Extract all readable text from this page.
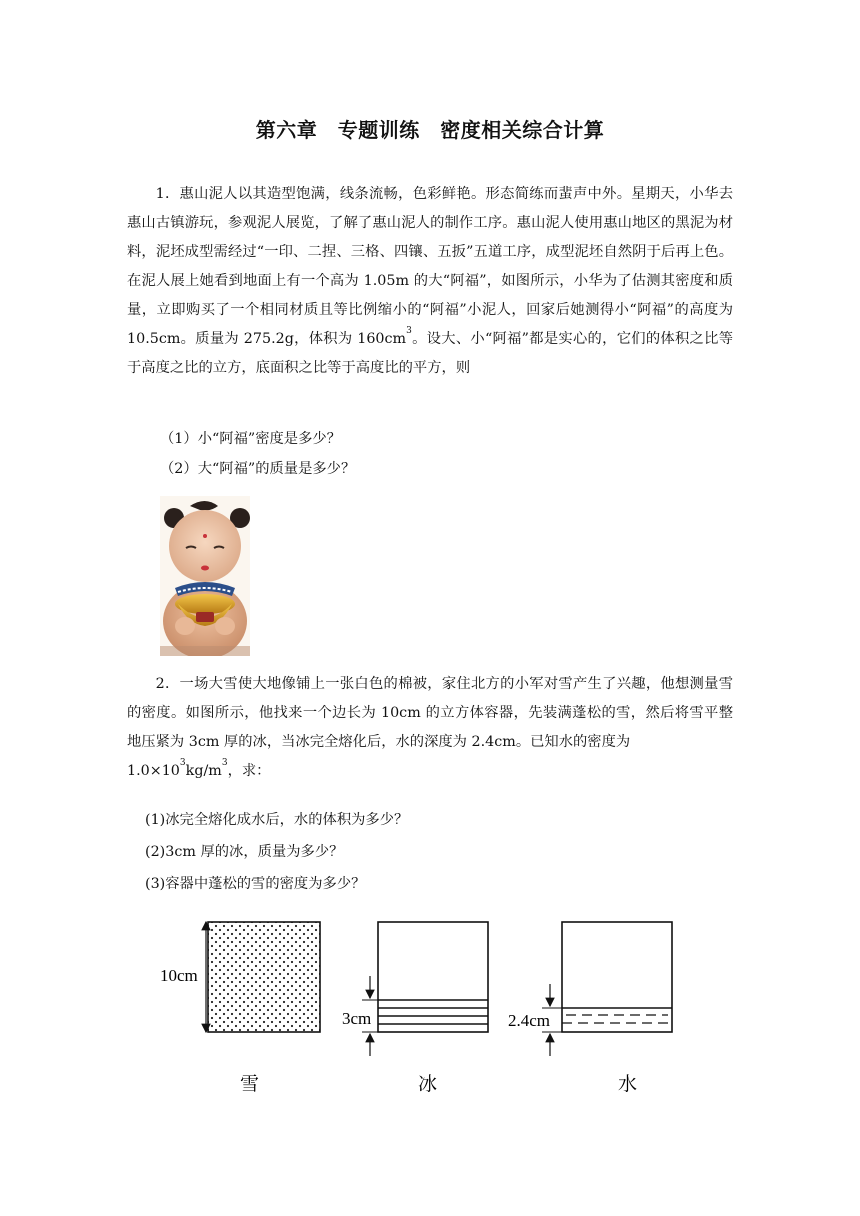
第六章　专题训练　密度相关综合计算

1．惠山泥人以其造型饱满，线条流畅，色彩鲜艳。形态简练而蜚声中外。星期天，小华去惠山古镇游玩，参观泥人展览，了解了惠山泥人的制作工序。惠山泥人使用惠山地区的黑泥为材料，泥坯成型需经过“一印、二捏、三格、四镶、五扳”五道工序，成型泥坯自然阴于后再上色。在泥人展上她看到地面上有一个高为 1.05m 的大“阿福”，如图所示，小华为了估测其密度和质量，立即购买了一个相同材质且等比例缩小的“阿福”小泥人，回家后她测得小“阿福”的高度为 10.5cm。质量为 275.2g，体积为 $160cm^3$。设大、小“阿福”都是实心的，它们的体积之比等于高度之比的立方，底面积之比等于高度比的平方，则

（1）小“阿福”密度是多少？
（2）大“阿福”的质量是多少？

2．一场大雪使大地像铺上一张白色的棉被，家住北方的小军对雪产生了兴趣，他想测量雪的密度。如图所示，他找来一个边长为 10cm 的立方体容器，先装满蓬松的雪，然后将雪平整地压紧为 3cm 厚的冰，当冰完全熔化后，水的深度为 2.4cm。已知水的密度为

$1.0\times 10^3kg/m^3$，求：
(1)冰完全熔化成水后，水的体积为多少？
(2)3cm 厚的冰，质量为多少？
(3)容器中蓬松的雪的密度为多少？
10cm
3cm	2.4cm
雪	冰	水
